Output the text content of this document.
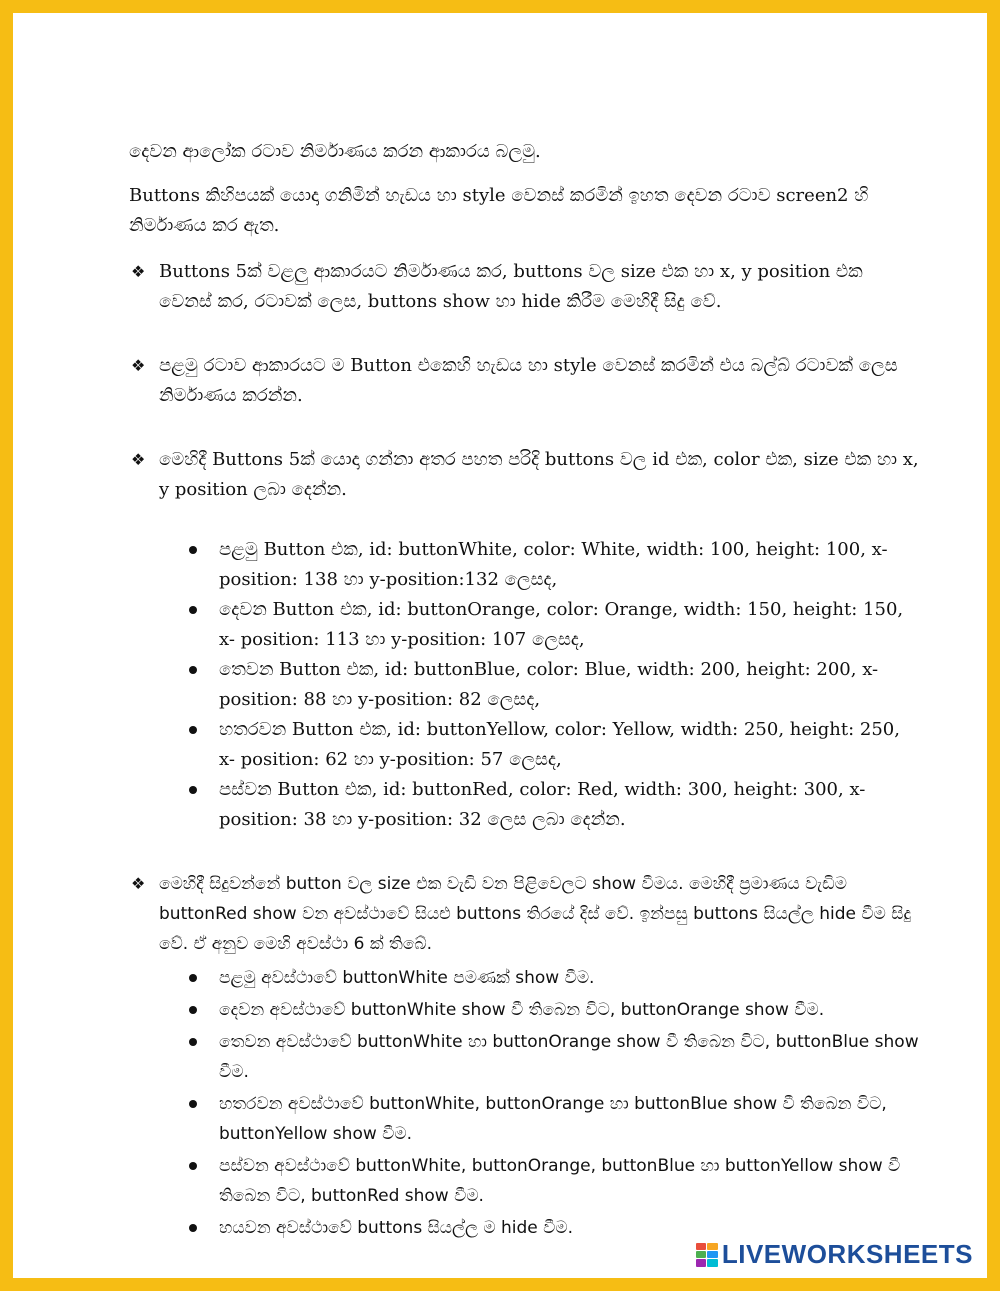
දෙවන ආලෝක රටාව නිර්මාණය කරන ආකාරය බලමු.

Buttons කිහිපයක් යොදා ගනිමින් හැඩය හා style වෙනස් කරමින් ඉහත දෙවන රටාව screen2 හි නිර්මාණය කර ඇත.

❖ Buttons 5ක් වළලු ආකාරයට නිර්මාණය කර, buttons වල size එක හා x, y position එක වෙනස් කර, රටාවක් ලෙස, buttons show හා hide කිරීම මෙහිදී සිදු වේ.
❖ පළමු රටාව ආකාරයට ම Button එකෙහි හැඩය හා style වෙනස් කරමින් එය බල්බ් රටාවක් ලෙස නිර්මාණය කරන්න.
❖ මෙහිදී Buttons 5ක් යොදා ගන්නා අතර පහත පරිදි buttons වල id එක, color එක, size එක හා x, y position ලබා දෙන්න.
පළමු Button එක, id: buttonWhite, color: White, width: 100, height: 100, x- position: 138 හා y-position:132 ලෙසද,
දෙවන Button එක, id: buttonOrange, color: Orange, width: 150, height: 150, x- position: 113 හා y-position: 107 ලෙසද,
තෙවන Button එක, id: buttonBlue, color: Blue, width: 200, height: 200, x- position: 88 හා y-position: 82 ලෙසද,
හතරවන Button එක, id: buttonYellow, color: Yellow, width: 250, height: 250, x- position: 62 හා y-position: 57 ලෙසද,
පස්වන Button එක, id: buttonRed, color: Red, width: 300, height: 300, x- position: 38 හා y-position: 32 ලෙස ලබා දෙන්න.
❖ මෙහිදී සිදුවන්නේ button වල size එක වැඩි වන පිළිවෙලට show වීමය. මෙහිදී ප්‍රමාණය වැඩිම buttonRed show වන අවස්ථාවේ සියළු buttons තිරයේ දිස් වේ. ඉන්පසු buttons සියල්ල hide වීම සිදු වේ. ඒ අනුව මෙහි අවස්ථා 6 ක් තිබේ.
පළමු අවස්ථාවේ buttonWhite පමණක් show වීම.
දෙවන අවස්ථාවේ buttonWhite show වී තිබෙන විට, buttonOrange show වීම.
තෙවන අවස්ථාවේ buttonWhite හා buttonOrange show වී තිබෙන විට, buttonBlue show වීම.
හතරවන අවස්ථාවේ buttonWhite, buttonOrange හා buttonBlue show වී තිබෙන විට, buttonYellow show වීම.
පස්වන අවස්ථාවේ buttonWhite, buttonOrange, buttonBlue හා buttonYellow show වී තිබෙන විට, buttonRed show වීම.
හයවන අවස්ථාවේ buttons සියල්ල ම hide වීම.
LIVEWORKSHEETS
